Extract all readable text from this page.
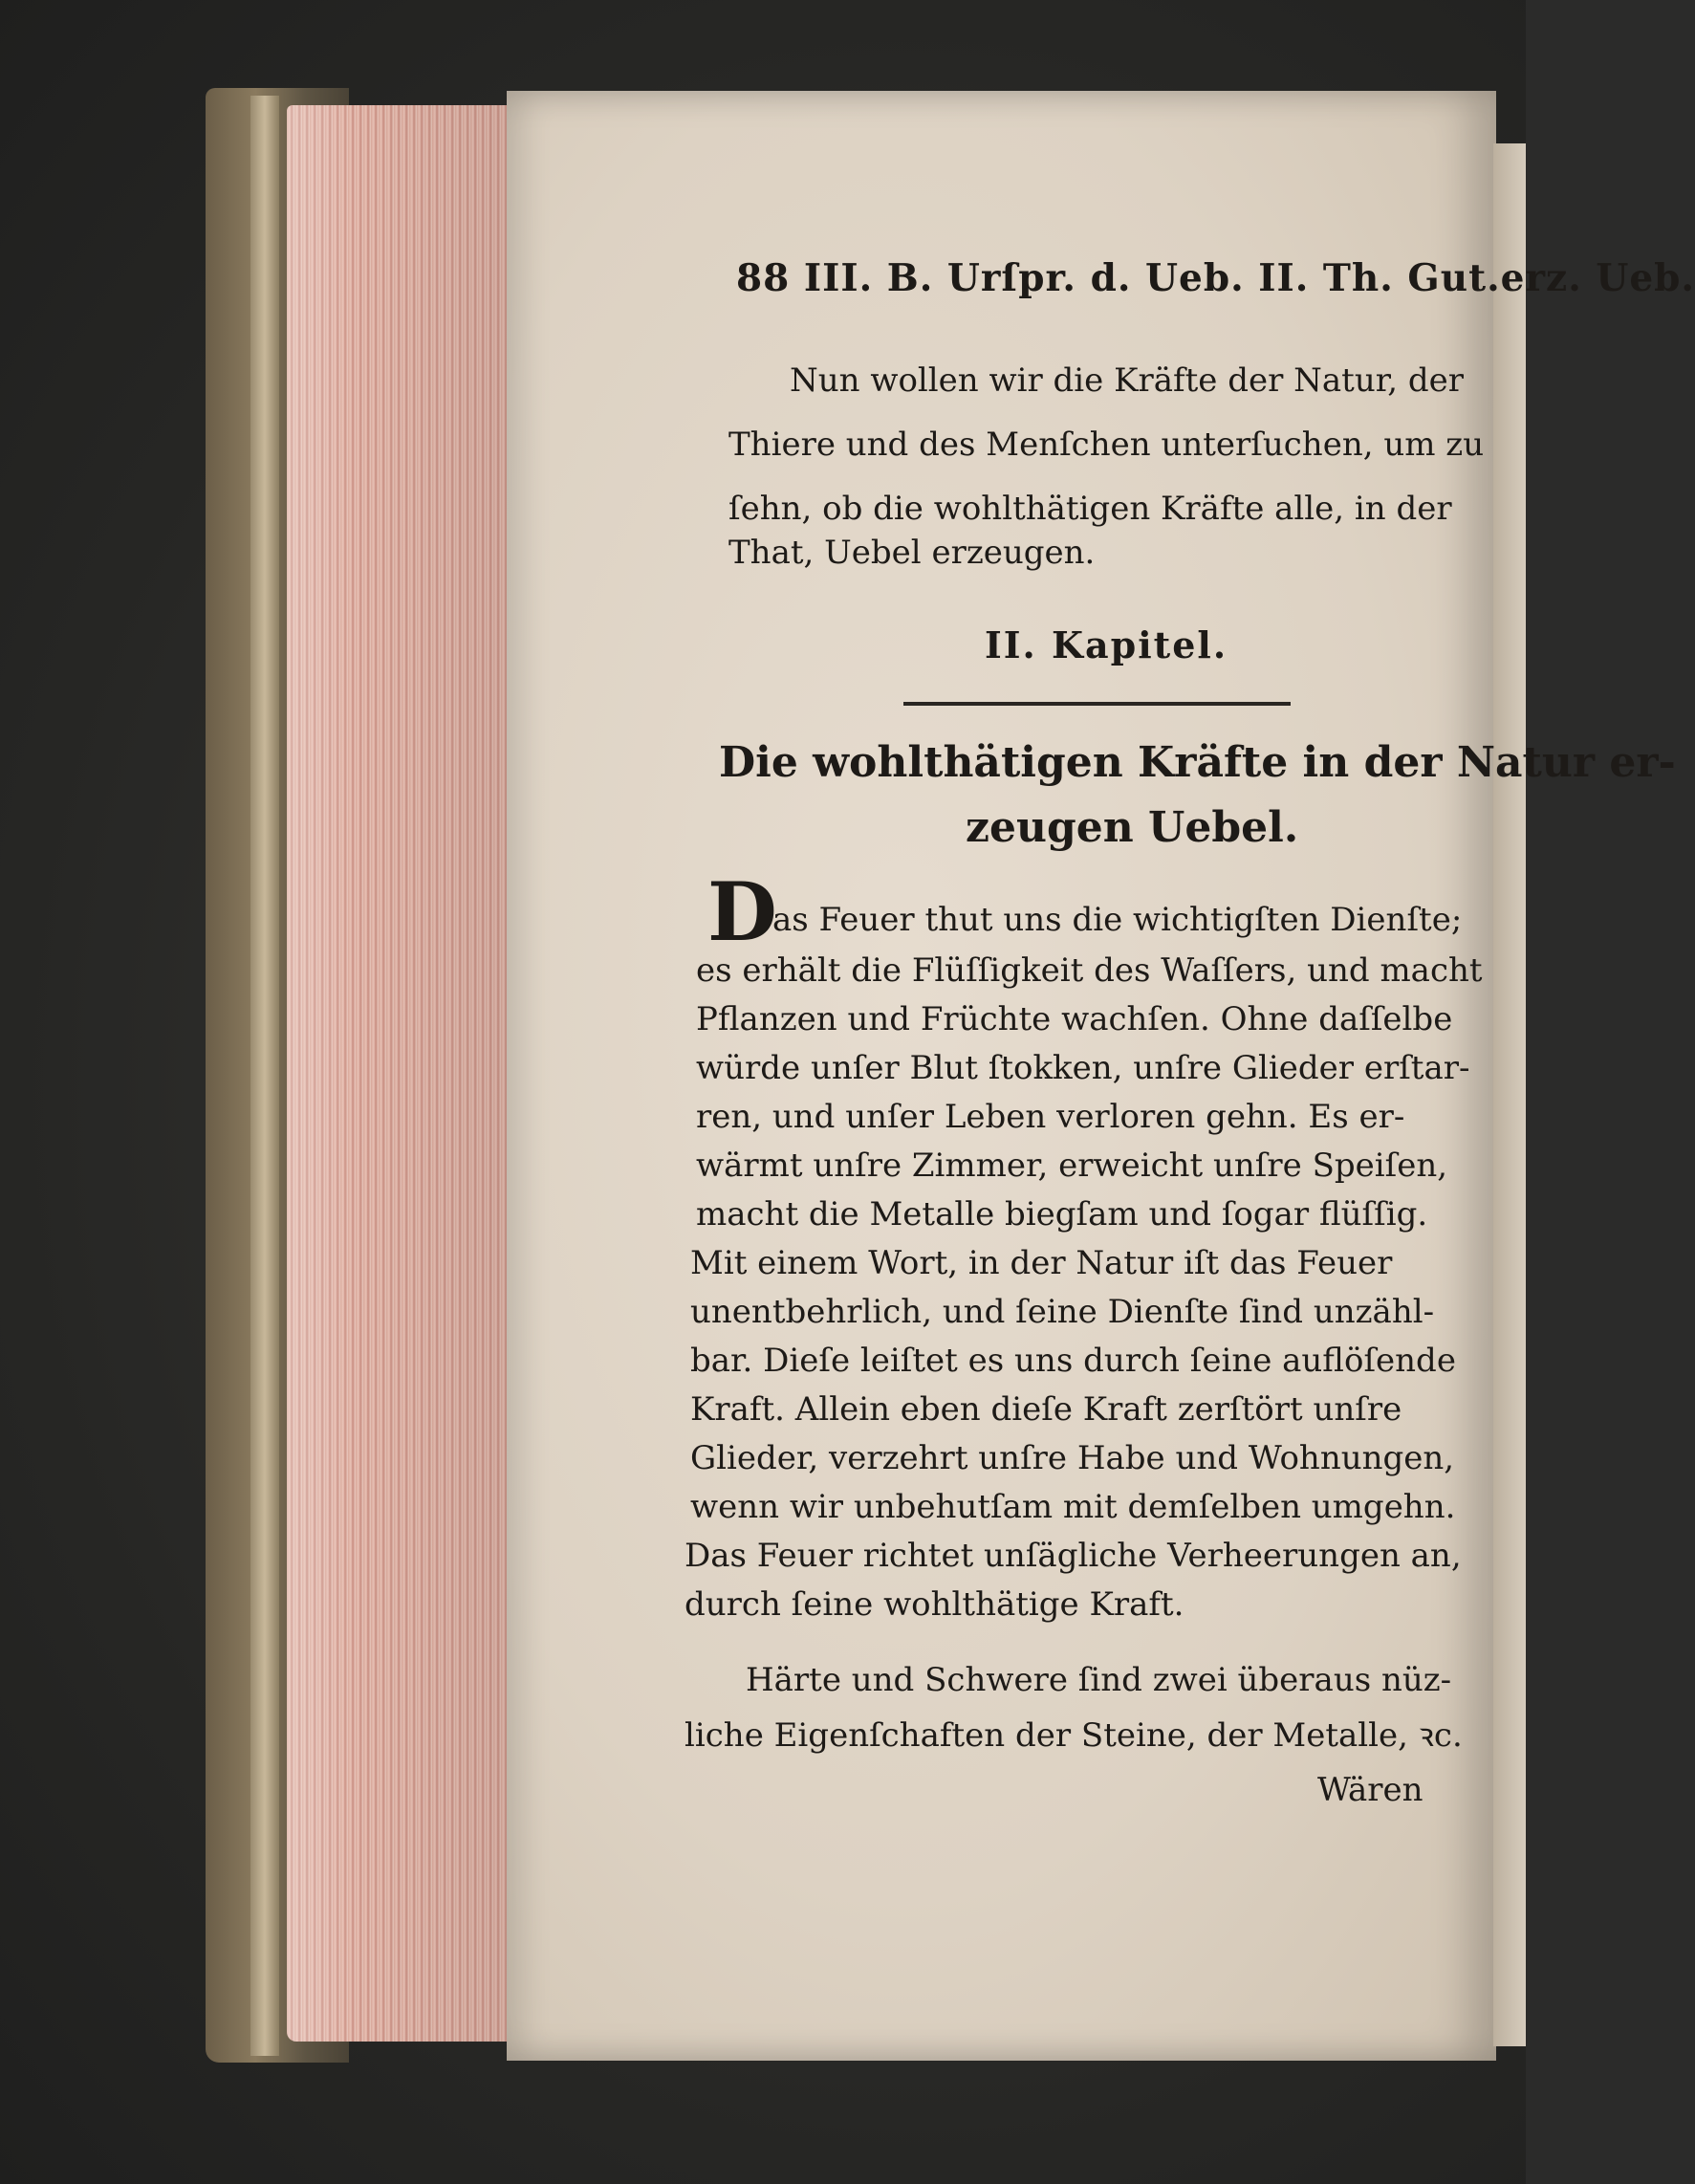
88 III. B. Urſpr. d. Ueb. II. Th. Gut.erz. Ueb.
Nun wollen wir die Kräfte der Natur, der
Thiere und des Menſchen unterſuchen, um zu
ſehn, ob die wohlthätigen Kräfte alle, in der
That, Uebel erzeugen.
II. Kapitel.
Die wohlthätigen Kräfte in der Natur er-
zeugen Uebel.
D
as Feuer thut uns die wichtigſten Dienſte;
es erhält die Flüſſigkeit des Waſſers, und macht
Pflanzen und Früchte wachſen. Ohne daſſelbe
würde unſer Blut ſtokken, unſre Glieder erſtar-
ren, und unſer Leben verloren gehn. Es er-
wärmt unſre Zimmer, erweicht unſre Speiſen,
macht die Metalle biegſam und ſogar flüſſig.
Mit einem Wort, in der Natur iſt das Feuer
unentbehrlich, und ſeine Dienſte ſind unzähl-
bar. Dieſe leiſtet es uns durch ſeine auflöſende
Kraft. Allein eben dieſe Kraft zerſtört unſre
Glieder, verzehrt unſre Habe und Wohnungen,
wenn wir unbehutſam mit demſelben umgehn.
Das Feuer richtet unſägliche Verheerungen an,
durch ſeine wohlthätige Kraft.
Härte und Schwere ſind zwei überaus nüz-
liche Eigenſchaften der Steine, der Metalle, ꝛc.
Wären
